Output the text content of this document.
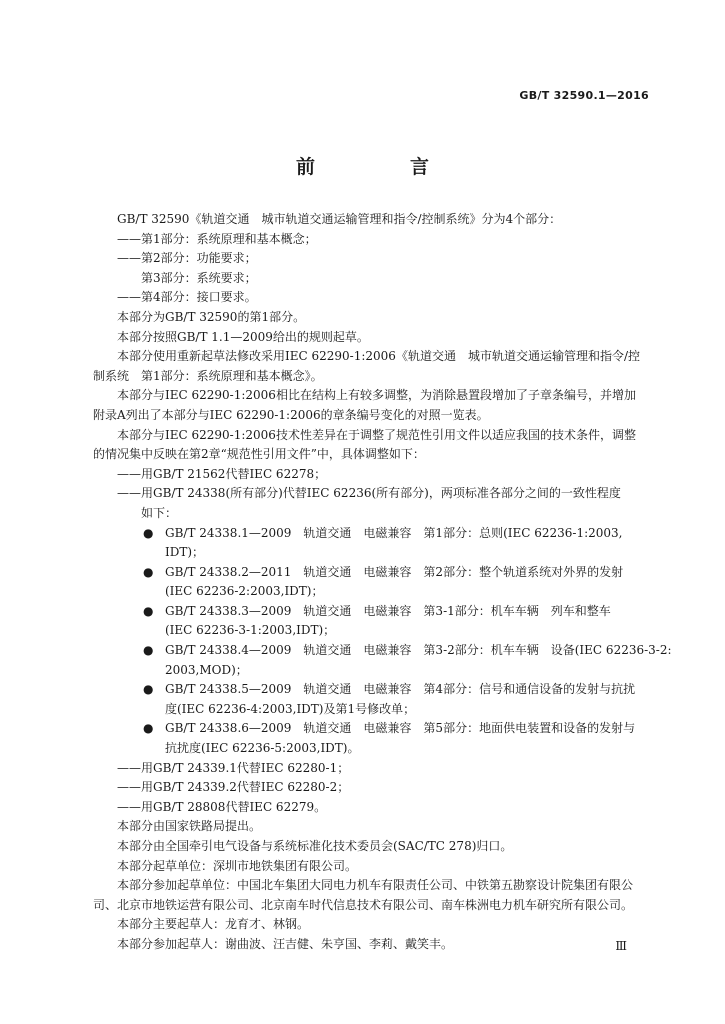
GB/T 32590.1—2016
前　言
GB/T 32590《轨道交通　城市轨道交通运输管理和指令/控制系统》分为4个部分：
——第1部分：系统原理和基本概念；
——第2部分：功能要求；
　　第3部分：系统要求；
——第4部分：接口要求。
本部分为GB/T 32590的第1部分。
本部分按照GB/T 1.1—2009给出的规则起草。
本部分使用重新起草法修改采用IEC 62290-1:2006《轨道交通　城市轨道交通运输管理和指令/控
制系统　第1部分：系统原理和基本概念》。
本部分与IEC 62290-1:2006相比在结构上有较多调整，为消除悬置段增加了子章条编号，并增加
附录A列出了本部分与IEC 62290-1:2006的章条编号变化的对照一览表。
本部分与IEC 62290-1:2006技术性差异在于调整了规范性引用文件以适应我国的技术条件，调整
的情况集中反映在第2章“规范性引用文件”中，具体调整如下：
——用GB/T 21562代替IEC 62278；
——用GB/T 24338(所有部分)代替IEC 62236(所有部分)，两项标准各部分之间的一致性程度
如下：
● GB/T 24338.1—2009　轨道交通　电磁兼容　第1部分：总则(IEC 62236-1:2003,
IDT)；
● GB/T 24338.2—2011　轨道交通　电磁兼容　第2部分：整个轨道系统对外界的发射
(IEC 62236-2:2003,IDT)；
● GB/T 24338.3—2009　轨道交通　电磁兼容　第3-1部分：机车车辆　列车和整车
(IEC 62236-3-1:2003,IDT)；
● GB/T 24338.4—2009　轨道交通　电磁兼容　第3-2部分：机车车辆　设备(IEC 62236-3-2:
2003,MOD)；
● GB/T 24338.5—2009　轨道交通　电磁兼容　第4部分：信号和通信设备的发射与抗扰
度(IEC 62236-4:2003,IDT)及第1号修改单；
● GB/T 24338.6—2009　轨道交通　电磁兼容　第5部分：地面供电装置和设备的发射与
抗扰度(IEC 62236-5:2003,IDT)。
——用GB/T 24339.1代替IEC 62280-1；
——用GB/T 24339.2代替IEC 62280-2；
——用GB/T 28808代替IEC 62279。
本部分由国家铁路局提出。
本部分由全国牵引电气设备与系统标准化技术委员会(SAC/TC 278)归口。
本部分起草单位：深圳市地铁集团有限公司。
本部分参加起草单位：中国北车集团大同电力机车有限责任公司、中铁第五勘察设计院集团有限公
司、北京市地铁运营有限公司、北京南车时代信息技术有限公司、南车株洲电力机车研究所有限公司。
本部分主要起草人：龙育才、林钢。
本部分参加起草人：谢曲波、汪吉健、朱亨国、李莉、戴笑丰。	Ⅲ
